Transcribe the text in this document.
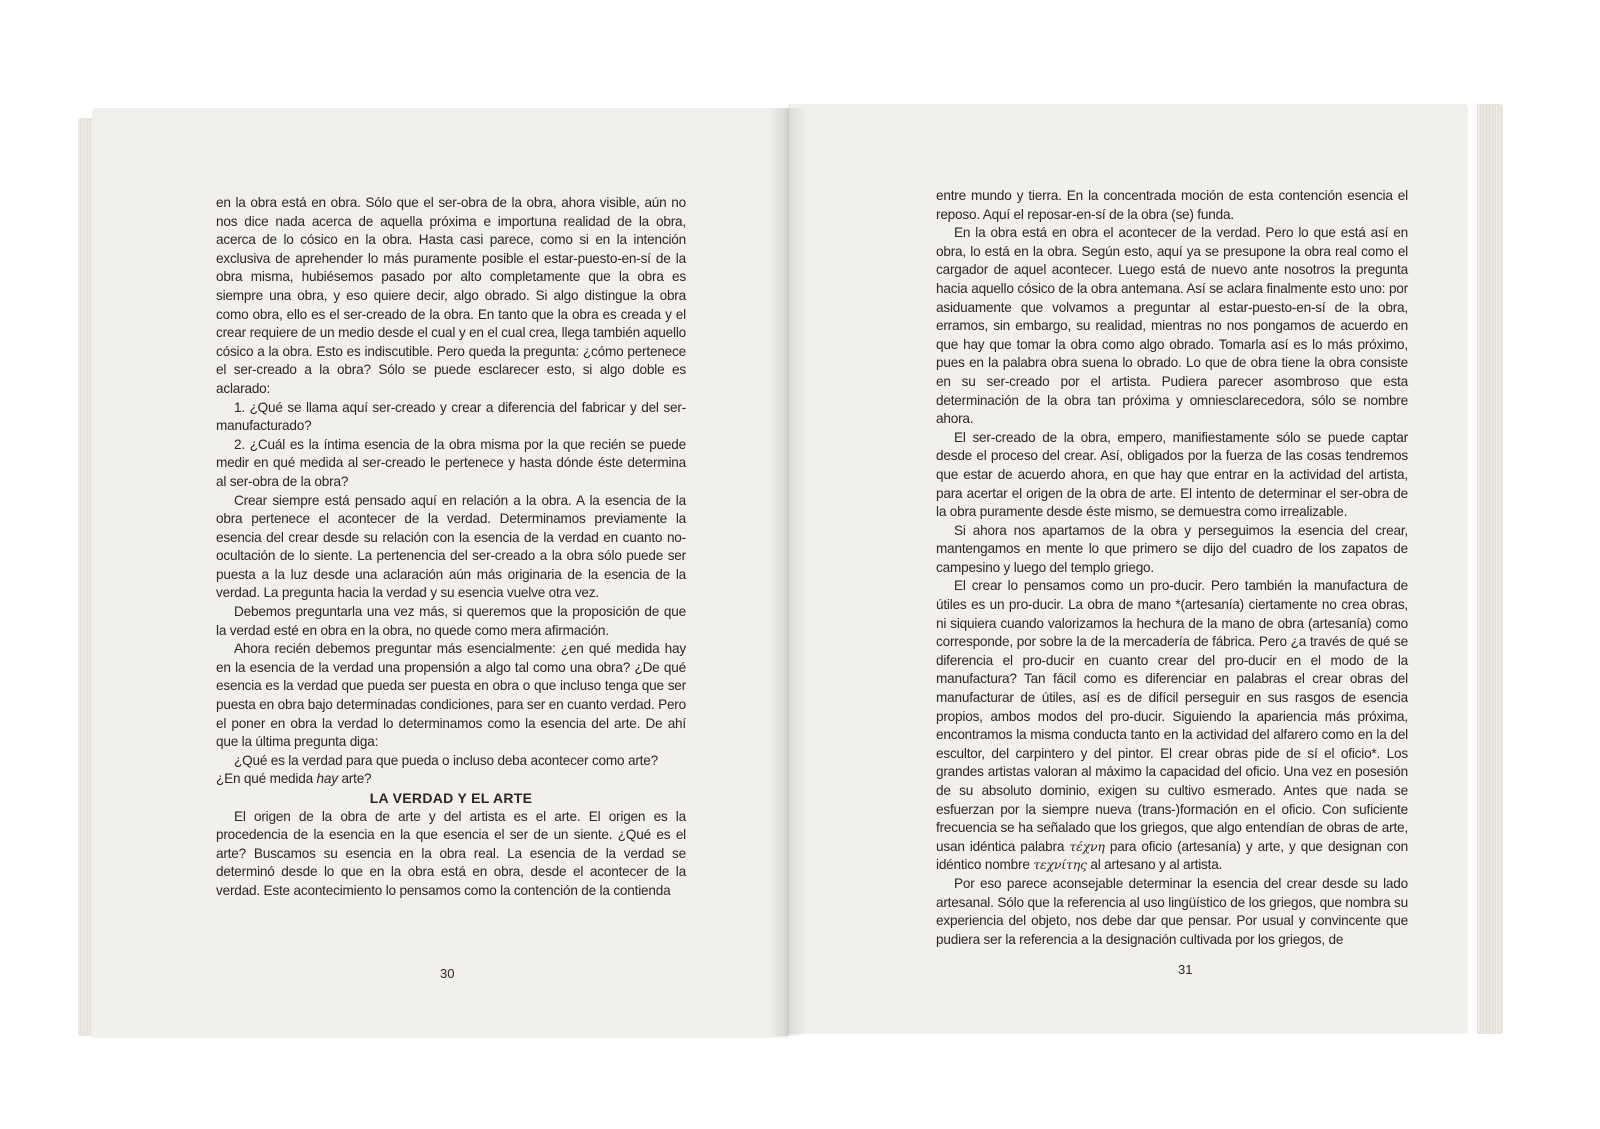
en la obra está en obra. Sólo que el ser-obra de la obra, ahora visible, aún no nos dice nada acerca de aquella próxima e importuna realidad de la obra, acerca de lo cósico en la obra. Hasta casi parece, como si en la intención exclusiva de aprehender lo más puramente posible el estar-puesto-en-sí de la obra misma, hubiésemos pasado por alto completamente que la obra es siempre una obra, y eso quiere decir, algo obrado. Si algo distingue la obra como obra, ello es el ser-creado de la obra. En tanto que la obra es creada y el crear requiere de un medio desde el cual y en el cual crea, llega también aquello cósico a la obra. Esto es indiscutible. Pero queda la pregunta: ¿cómo pertenece el ser-creado a la obra? Sólo se puede esclarecer esto, si algo doble es aclarado:

1. ¿Qué se llama aquí ser-creado y crear a diferencia del fabricar y del ser-manufacturado?

2. ¿Cuál es la íntima esencia de la obra misma por la que recién se puede medir en qué medida al ser-creado le pertenece y hasta dónde éste determina al ser-obra de la obra?

Crear siempre está pensado aquí en relación a la obra. A la esencia de la obra pertenece el acontecer de la verdad. Determinamos previamente la esencia del crear desde su relación con la esencia de la verdad en cuanto no-ocultación de lo siente. La pertenencia del ser-creado a la obra sólo puede ser puesta a la luz desde una aclaración aún más originaria de la esencia de la verdad. La pregunta hacia la verdad y su esencia vuelve otra vez.

Debemos preguntarla una vez más, si queremos que la proposición de que la verdad esté en obra en la obra, no quede como mera afirmación.

Ahora recién debemos preguntar más esencialmente: ¿en qué medida hay en la esencia de la verdad una propensión a algo tal como una obra? ¿De qué esencia es la verdad que pueda ser puesta en obra o que incluso tenga que ser puesta en obra bajo determinadas condiciones, para ser en cuanto verdad. Pero el poner en obra la verdad lo determinamos como la esencia del arte. De ahí que la última pregunta diga:

¿Qué es la verdad para que pueda o incluso deba acontecer como arte?

¿En qué medida hay arte?

LA VERDAD Y EL ARTE

El origen de la obra de arte y del artista es el arte. El origen es la procedencia de la esencia en la que esencia el ser de un siente. ¿Qué es el arte? Buscamos su esencia en la obra real. La esencia de la verdad se determinó desde lo que en la obra está en obra, desde el acontecer de la verdad. Este acontecimiento lo pensamos como la contención de la contienda

30

entre mundo y tierra. En la concentrada moción de esta contención esencia el reposo. Aquí el reposar-en-sí de la obra (se) funda.

En la obra está en obra el acontecer de la verdad. Pero lo que está así en obra, lo está en la obra. Según esto, aquí ya se presupone la obra real como el cargador de aquel acontecer. Luego está de nuevo ante nosotros la pregunta hacia aquello cósico de la obra antemana. Así se aclara finalmente esto uno: por asiduamente que volvamos a preguntar al estar-puesto-en-sí de la obra, erramos, sin embargo, su realidad, mientras no nos pongamos de acuerdo en que hay que tomar la obra como algo obrado. Tomarla así es lo más próximo, pues en la palabra obra suena lo obrado. Lo que de obra tiene la obra consiste en su ser-creado por el artista. Pudiera parecer asombroso que esta determinación de la obra tan próxima y omniesclarecedora, sólo se nombre ahora.

El ser-creado de la obra, empero, manifiestamente sólo se puede captar desde el proceso del crear. Así, obligados por la fuerza de las cosas tendremos que estar de acuerdo ahora, en que hay que entrar en la actividad del artista, para acertar el origen de la obra de arte. El intento de determinar el ser-obra de la obra puramente desde éste mismo, se demuestra como irrealizable.

Si ahora nos apartamos de la obra y perseguimos la esencia del crear, mantengamos en mente lo que primero se dijo del cuadro de los zapatos de campesino y luego del templo griego.

El crear lo pensamos como un pro-ducir. Pero también la manufactura de útiles es un pro-ducir. La obra de mano *(artesanía) ciertamente no crea obras, ni siquiera cuando valorizamos la hechura de la mano de obra (artesanía) como corresponde, por sobre la de la mercadería de fábrica. Pero ¿a través de qué se diferencia el pro-ducir en cuanto crear del pro-ducir en el modo de la manufactura? Tan fácil como es diferenciar en palabras el crear obras del manufacturar de útiles, así es de difícil perseguir en sus rasgos de esencia propios, ambos modos del pro-ducir. Siguiendo la apariencia más próxima, encontramos la misma conducta tanto en la actividad del alfarero como en la del escultor, del carpintero y del pintor. El crear obras pide de sí el oficio*. Los grandes artistas valoran al máximo la capacidad del oficio. Una vez en posesión de su absoluto dominio, exigen su cultivo esmerado. Antes que nada se esfuerzan por la siempre nueva (trans-)formación en el oficio. Con suficiente frecuencia se ha señalado que los griegos, que algo entendían de obras de arte, usan idéntica palabra τέχνη para oficio (artesanía) y arte, y que designan con idéntico nombre τεχνίτης al artesano y al artista.

Por eso parece aconsejable determinar la esencia del crear desde su lado artesanal. Sólo que la referencia al uso lingüístico de los griegos, que nombra su experiencia del objeto, nos debe dar que pensar. Por usual y convincente que pudiera ser la referencia a la designación cultivada por los griegos, de

31
